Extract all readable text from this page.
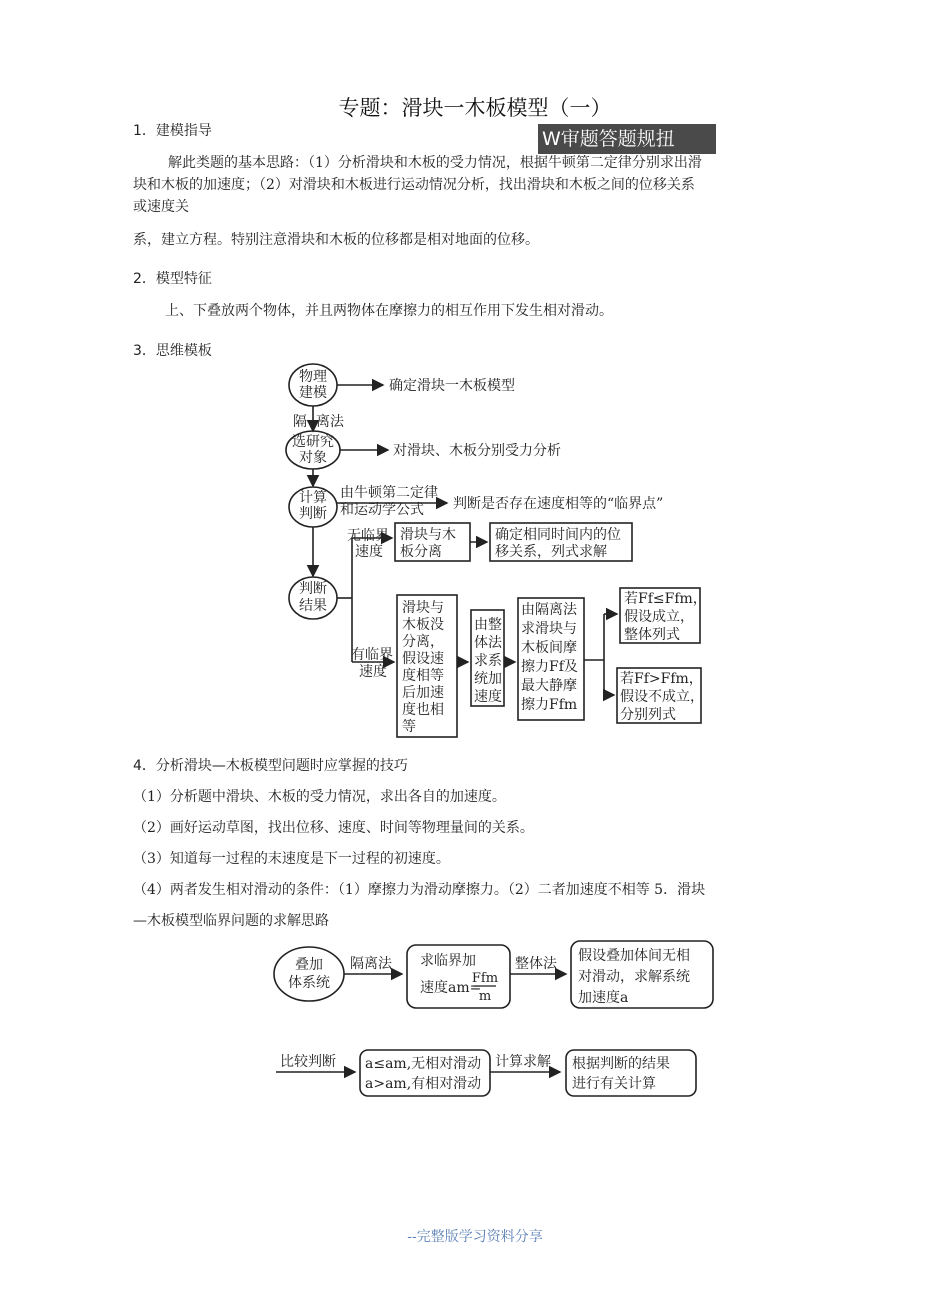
专题：滑块一木板模型（一）
W审题答题规扭
1．建模指导
解此类题的基本思路：（1）分析滑块和木板的受力情况，根据牛顿第二定律分别求出滑
块和木板的加速度；（2）对滑块和木板进行运动情况分析，找出滑块和木板之间的位移关系
或速度关
系，建立方程。特别注意滑块和木板的位移都是相对地面的位移。
2．模型特征
上、下叠放两个物体，并且两物体在摩擦力的相互作用下发生相对滑动。
3．思维模板
物理
建模	确定滑块一木板模型
隔 离法
选研究
对象	对滑块、木板分别受力分析
计算
判断
由牛顿第二定律
和运动学公式 判断是否存在速度相等的“临界点”
无临界
速度
滑块与木
板分离
确定相同时间内的位
移关系，列式求解
判断
结果
有临界
速度
滑块与
木板没
分离，
假设速
度相等
后加速
度也相
等
由整
体法
求系
统加
速度
由隔离法
求滑块与
木板间摩
擦力Ff及
最大静摩
擦力Ffm
若Ff≤Ffm，
假设成立，
整体列式
若Ff>Ffm，
假设不成立，
分别列式
叠加
体系统
隔离法 求临界加
速度am=
Ffm
m
整体法 假设叠加体间无相
对滑动，求解系统
加速度a
比较判断 a≤am,无相对滑动
a>am,有相对滑动
计算求解 根据判断的结果
进行有关计算
4．分析滑块—木板模型问题时应掌握的技巧
（1）分析题中滑块、木板的受力情况，求出各自的加速度。
（2）画好运动草图，找出位移、速度、时间等物理量间的关系。
（3）知道每一过程的末速度是下一过程的初速度。
（4）两者发生相对滑动的条件：（1）摩擦力为滑动摩擦力。（2）二者加速度不相等 5．滑块
—木板模型临界问题的求解思路
--完整版学习资料分享
